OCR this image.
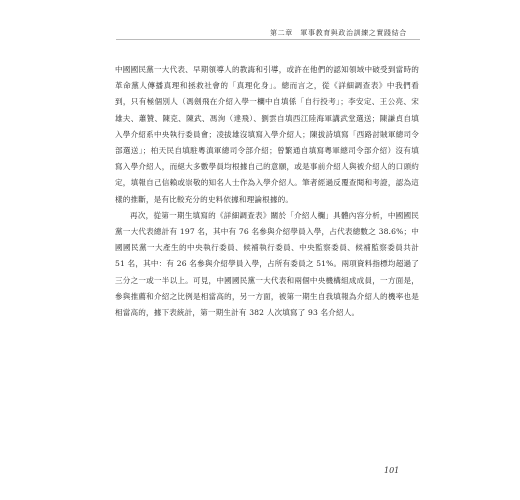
第二章　軍事教育與政治訓練之實踐結合

中國國民黨一大代表、早期領導人的教誨和引導，或許在他們的認知領域中破受到當時的革命黨人傳播真理和拯救社會的「真理化身」。總而言之，從《詳細調查表》中我們看到，只有極個別人（馮劍飛在介紹入學一欄中自填係「自行投考」；李安定、王公亮、宋雄夫、蕭贊、陳克、陳武、馮洵（達飛）、劉雲自填西江陸海軍講武堂選送；陳謙貞自填入學介紹系中央執行委員會；凌拔雄沒填寫入學介紹人；陳拔詩填寫「西路討賊軍總司令部選送」；柏天民自填駐粵滇軍總司令部介紹；曾繁通自填寫粵軍總司令部介紹）沒有填寫入學介紹人，而絕大多數學員均根據自己的意願，或是事前介紹人與被介紹人的口頭約定，填報自己信賴或崇敬的知名人士作為入學介紹人。筆者經過反覆查閱和考證，認為這樣的推斷，是有比較充分的史料依據和理論根據的。

再次，從第一期生填寫的《詳細調查表》關於「介紹人欄」具體內容分析，中國國民黨一大代表總計有 197 名，其中有 76 名參與介紹學員入學，占代表總數之 38.6%；中國國民黨一大產生的中央執行委員、候補執行委員、中央監察委員、候補監察委員共計 51 名，其中：有 26 名參與介紹學員入學，占所有委員之 51%。兩項資料指標均超過了三分之一或一半以上。可見，中國國民黨一大代表和兩個中央機構組成成員，一方面是，參與推薦和介紹之比例是相當高的，另一方面，被第一期生自我填報為介紹人的機率也是相當高的，據下表統計，第一期生計有 382 人次填寫了 93 名介紹人。

101
